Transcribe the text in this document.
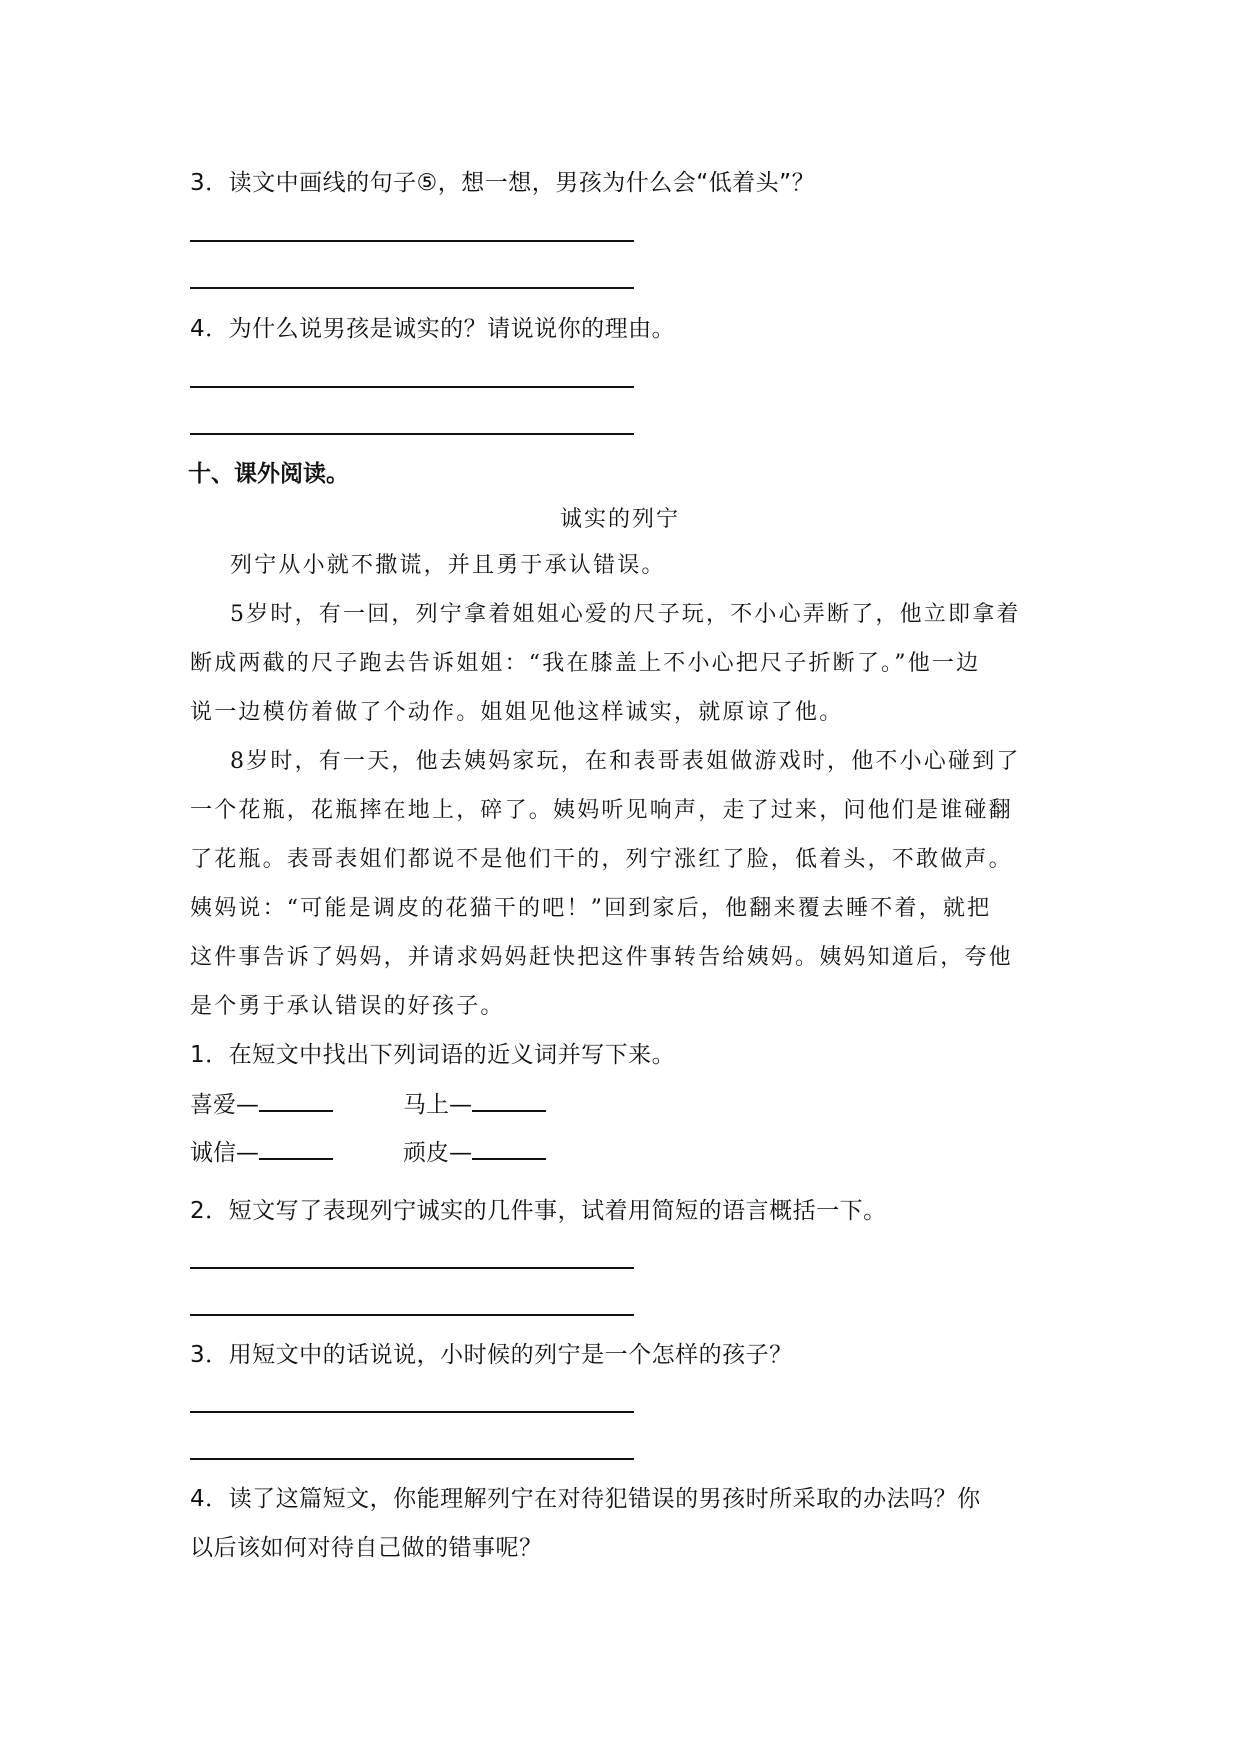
3．读文中画线的句子⑤，想一想，男孩为什么会“低着头”？

4．为什么说男孩是诚实的？请说说你的理由。

十、课外阅读。

诚实的列宁

列宁从小就不撒谎，并且勇于承认错误。

5岁时，有一回，列宁拿着姐姐心爱的尺子玩，不小心弄断了，他立即拿着

断成两截的尺子跑去告诉姐姐：“我在膝盖上不小心把尺子折断了。”他一边

说一边模仿着做了个动作。姐姐见他这样诚实，就原谅了他。

8岁时，有一天，他去姨妈家玩，在和表哥表姐做游戏时，他不小心碰到了

一个花瓶，花瓶摔在地上，碎了。姨妈听见响声，走了过来，问他们是谁碰翻

了花瓶。表哥表姐们都说不是他们干的，列宁涨红了脸，低着头，不敢做声。

姨妈说：“可能是调皮的花猫干的吧！”回到家后，他翻来覆去睡不着，就把

这件事告诉了妈妈，并请求妈妈赶快把这件事转告给姨妈。姨妈知道后，夸他

是个勇于承认错误的好孩子。

1．在短文中找出下列词语的近义词并写下来。

喜爱—	马上—

诚信—	顽皮—

2．短文写了表现列宁诚实的几件事，试着用简短的语言概括一下。

3．用短文中的话说说，小时候的列宁是一个怎样的孩子？

4．读了这篇短文，你能理解列宁在对待犯错误的男孩时所采取的办法吗？你

以后该如何对待自己做的错事呢？
